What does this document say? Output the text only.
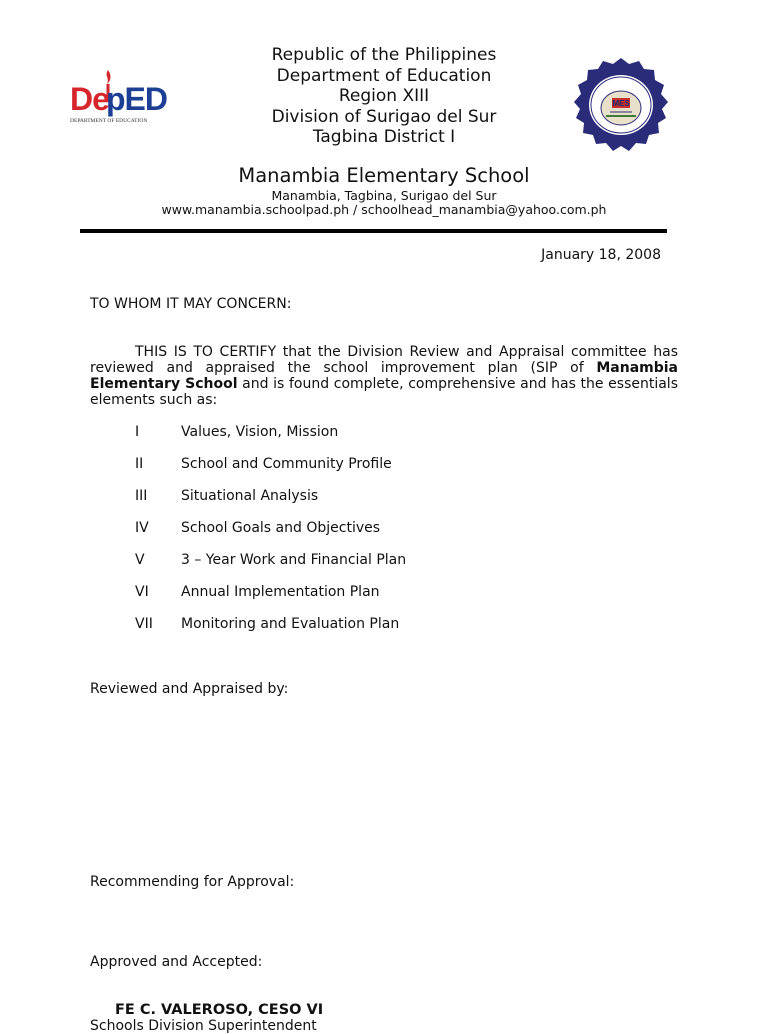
De
pED
DEPARTMENT OF EDUCATION
MES
Republic of the Philippines
Department of Education
Region XIII
Division of Surigao del Sur
Tagbina District I
Manambia Elementary School
Manambia, Tagbina, Surigao del Sur
www.manambia.schoolpad.ph / schoolhead_manambia@yahoo.com.ph
January 18, 2008
TO WHOM IT MAY CONCERN:
THIS IS TO CERTIFY that the Division Review and Appraisal committee has reviewed and appraised the school improvement plan (SIP of Manambia Elementary School and is found complete, comprehensive and has the essentials elements such as:
I	Values, Vision, Mission
II	School and Community Profile
III Situational Analysis
IV School Goals and Objectives
V	3 – Year Work and Financial Plan
VI Annual Implementation Plan
VII Monitoring and Evaluation Plan
Reviewed and Appraised by:
Recommending for Approval:
Approved and Accepted:
FE C. VALEROSO, CESO VI
Schools Division Superintendent
